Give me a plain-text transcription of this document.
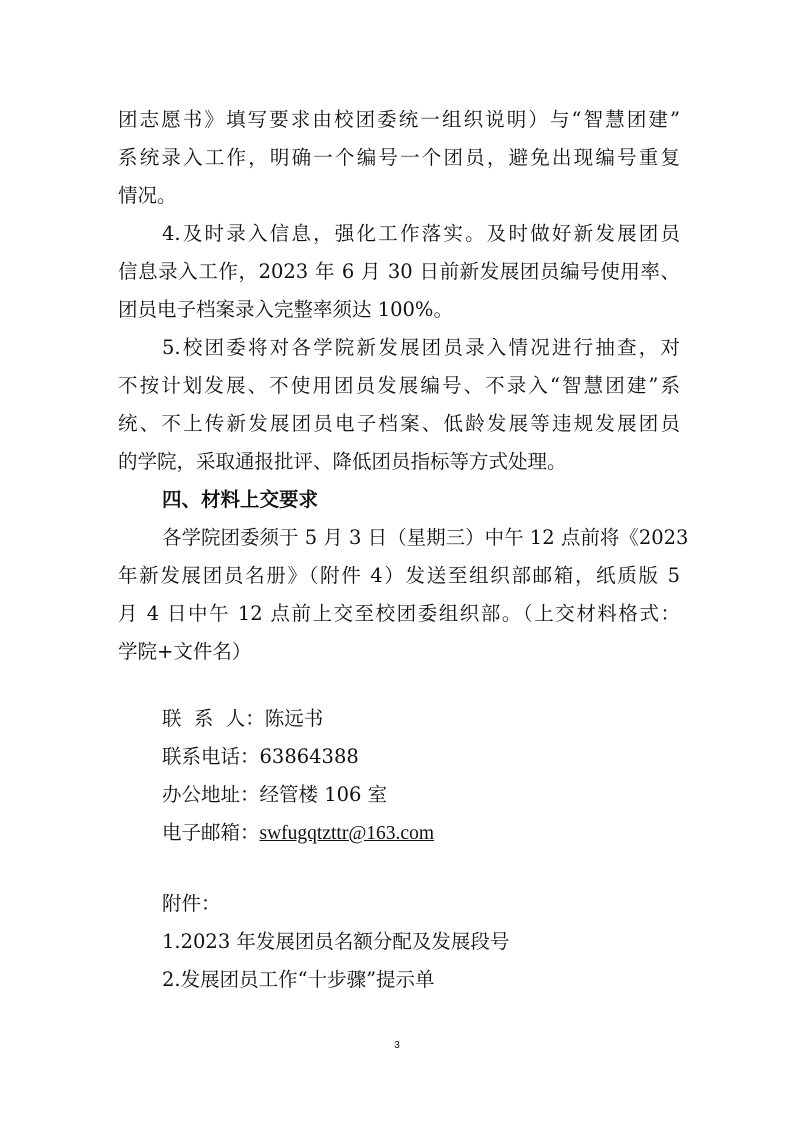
团志愿书》填写要求由校团委统一组织说明）与“智慧团建”
系统录入工作，明确一个编号一个团员，避免出现编号重复
情况。
4.及时录入信息，强化工作落实。及时做好新发展团员
信息录入工作，2023 年 6 月 30 日前新发展团员编号使用率、
团员电子档案录入完整率须达 100%。
5.校团委将对各学院新发展团员录入情况进行抽查，对
不按计划发展、不使用团员发展编号、不录入“智慧团建”系
统、不上传新发展团员电子档案、低龄发展等违规发展团员
的学院，采取通报批评、降低团员指标等方式处理。
四、材料上交要求
各学院团委须于 5 月 3 日（星期三）中午 12 点前将《2023
年新发展团员名册》（附件 4）发送至组织部邮箱，纸质版 5
月 4 日中午 12 点前上交至校团委组织部。（上交材料格式：
学院+文件名）
联  系  人：陈远书
联系电话：63864388
办公地址：经管楼 106 室
电子邮箱：swfugqtzttr@163.com
附件：
1.2023 年发展团员名额分配及发展段号
2.发展团员工作“十步骤”提示单
3
